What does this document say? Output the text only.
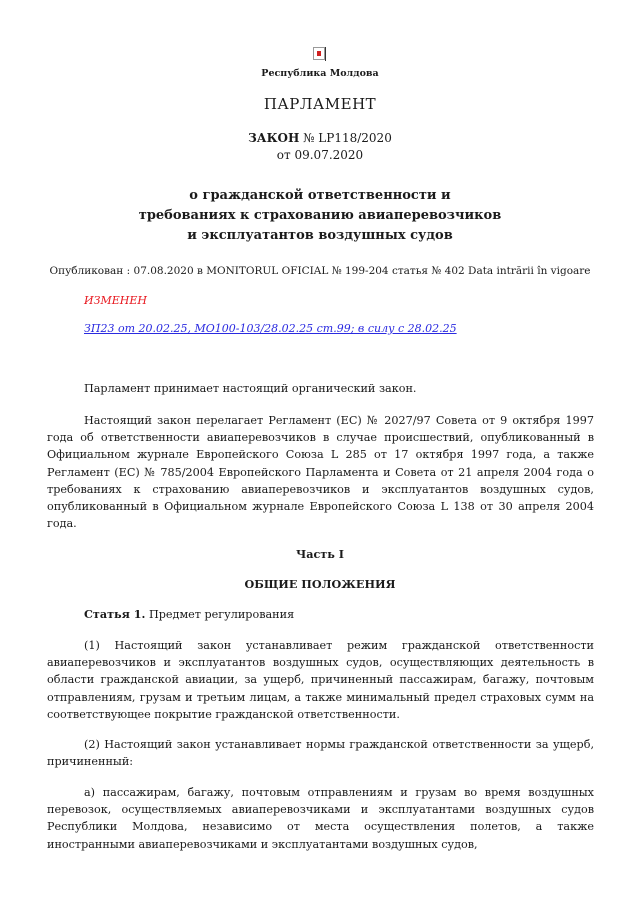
Республика Молдова
ПАРЛАМЕНТ
ЗАКОН № LP118/2020
от 09.07.2020
о гражданской ответственности и
требованиях к страхованию авиаперевозчиков
и эксплуатантов воздушных судов
Опубликован : 07.08.2020 в MONITORUL OFICIAL № 199-204 статья № 402 Data intrării în vigoare
ИЗМЕНЕН
ЗП23 от 20.02.25, МО100-103/28.02.25 ст.99; в силу с 28.02.25
Парламент принимает настоящий органический закон.
Настоящий закон перелагает Регламент (ЕС) № 2027/97 Совета от 9 октября 1997 года об ответственности авиаперевозчиков в случае происшествий, опубликованный в Официальном журнале Европейского Союза L 285 от 17 октября 1997 года, а также Регламент (ЕС) № 785/2004 Европейского Парламента и Совета от 21 апреля 2004 года о требованиях к страхованию авиаперевозчиков и эксплуатантов воздушных судов, опубликованный в Официальном журнале Европейского Союза L 138 от 30 апреля 2004 года.
Часть I
ОБЩИЕ ПОЛОЖЕНИЯ
Статья 1. Предмет регулирования
(1) Настоящий закон устанавливает режим гражданской ответственности авиаперевозчиков и эксплуатантов воздушных судов, осуществляющих деятельность в области гражданской авиации, за ущерб, причиненный пассажирам, багажу, почтовым отправлениям, грузам и третьим лицам, а также минимальный предел страховых сумм на соответствующее покрытие гражданской ответственности.
(2) Настоящий закон устанавливает нормы гражданской ответственности за ущерб, причиненный:
а) пассажирам, багажу, почтовым отправлениям и грузам во время воздушных перевозок, осуществляемых авиаперевозчиками и эксплуатантами воздушных судов Республики Молдова, независимо от места осуществления полетов, а также иностранными авиаперевозчиками и эксплуатантами воздушных судов,
